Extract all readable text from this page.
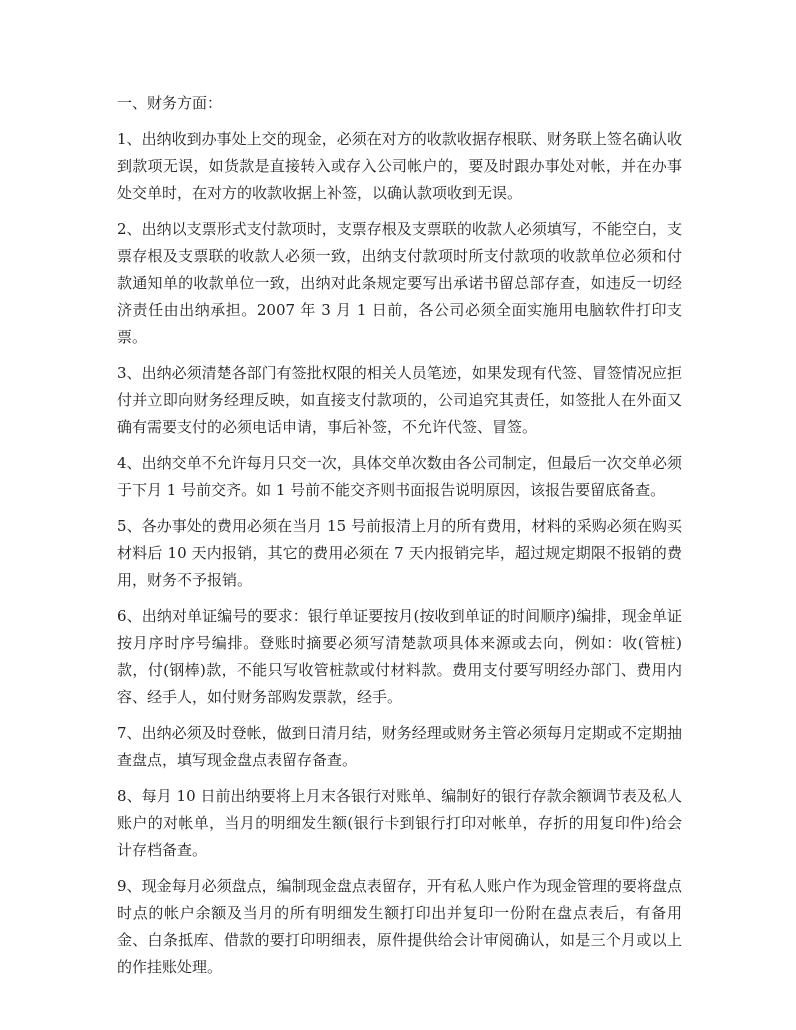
一、财务方面：

1、出纳收到办事处上交的现金，必须在对方的收款收据存根联、财务联上签名确认收到款项无误，如货款是直接转入或存入公司帐户的，要及时跟办事处对帐，并在办事处交单时，在对方的收款收据上补签，以确认款项收到无误。

2、出纳以支票形式支付款项时，支票存根及支票联的收款人必须填写，不能空白，支票存根及支票联的收款人必须一致，出纳支付款项时所支付款项的收款单位必须和付款通知单的收款单位一致，出纳对此条规定要写出承诺书留总部存查，如违反一切经济责任由出纳承担。2007 年 3 月 1 日前，各公司必须全面实施用电脑软件打印支票。

3、出纳必须清楚各部门有签批权限的相关人员笔迹，如果发现有代签、冒签情况应拒付并立即向财务经理反映，如直接支付款项的，公司追究其责任，如签批人在外面又确有需要支付的必须电话申请，事后补签，不允许代签、冒签。

4、出纳交单不允许每月只交一次，具体交单次数由各公司制定，但最后一次交单必须于下月 1 号前交齐。如 1 号前不能交齐则书面报告说明原因，该报告要留底备查。

5、各办事处的费用必须在当月 15 号前报清上月的所有费用，材料的采购必须在购买材料后 10 天内报销，其它的费用必须在 7 天内报销完毕，超过规定期限不报销的费用，财务不予报销。

6、出纳对单证编号的要求：银行单证要按月(按收到单证的时间顺序)编排，现金单证按月序时序号编排。登账时摘要必须写清楚款项具体来源或去向，例如：收(管桩)款，付(钢棒)款，不能只写收管桩款或付材料款。费用支付要写明经办部门、费用内容、经手人，如付财务部购发票款，经手。

7、出纳必须及时登帐，做到日清月结，财务经理或财务主管必须每月定期或不定期抽查盘点，填写现金盘点表留存备查。

8、每月 10 日前出纳要将上月末各银行对账单、编制好的银行存款余额调节表及私人账户的对帐单，当月的明细发生额(银行卡到银行打印对帐单，存折的用复印件)给会计存档备查。

9、现金每月必须盘点，编制现金盘点表留存，开有私人账户作为现金管理的要将盘点时点的帐户余额及当月的所有明细发生额打印出并复印一份附在盘点表后，有备用金、白条抵库、借款的要打印明细表，原件提供给会计审阅确认，如是三个月或以上的作挂账处理。
